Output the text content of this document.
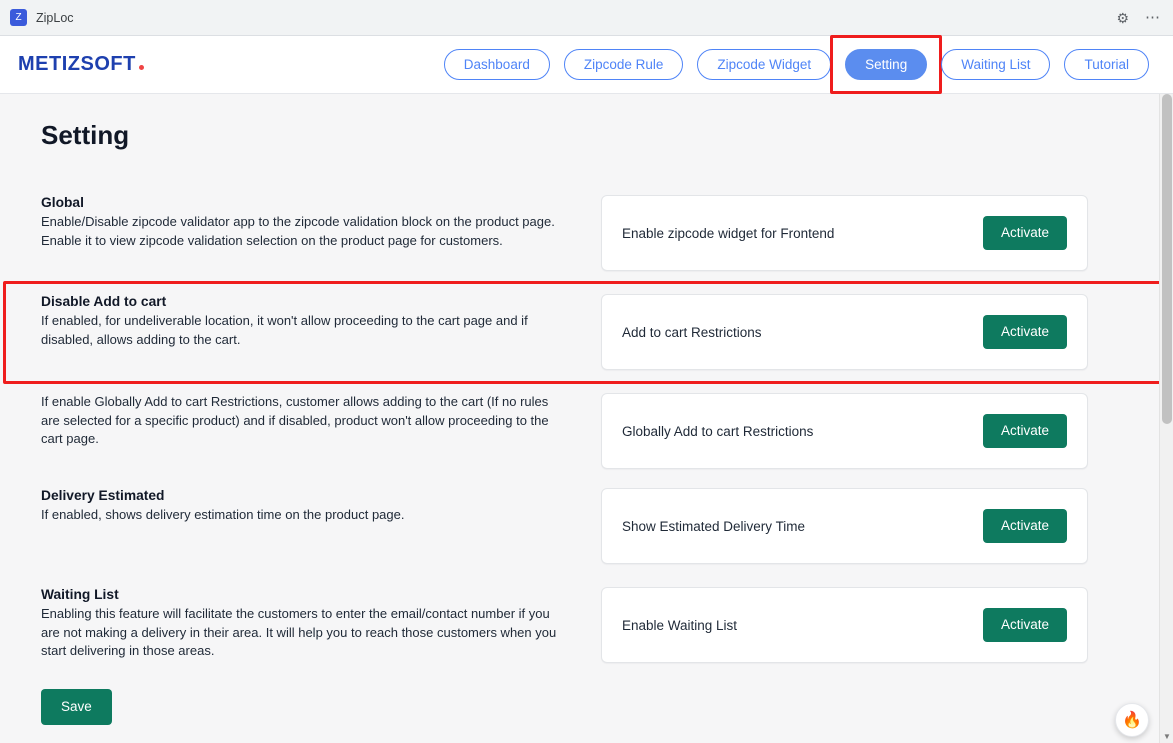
Z ZipLoc	⚙ ⋯
METIZSOFT	Dashboard	Zipcode Rule	Zipcode Widget	Setting	Waiting List	Tutorial
Setting
Global

Enable/Disable zipcode validator app to the zipcode validation block on the product page. Enable it to view zipcode validation selection on the product page for customers.	Enable zipcode widget for Frontend	Activate
Disable Add to cart

If enabled, for undeliverable location, it won't allow proceeding to the cart page and if disabled, allows adding to the cart.	Add to cart Restrictions	Activate

If enable Globally Add to cart Restrictions, customer allows adding to the cart (If no rules are selected for a specific product) and if disabled, product won't allow proceeding to the cart page.	Globally Add to cart Restrictions	Activate
Delivery Estimated

If enabled, shows delivery estimation time on the product page.

Show Estimated Delivery Time	Activate
Waiting List

Enabling this feature will facilitate the customers to enter the email/contact number if you are not making a delivery in their area. It will help you to reach those customers when you start delivering in those areas.

Enable Waiting List	Activate
Save
▼
🔥
